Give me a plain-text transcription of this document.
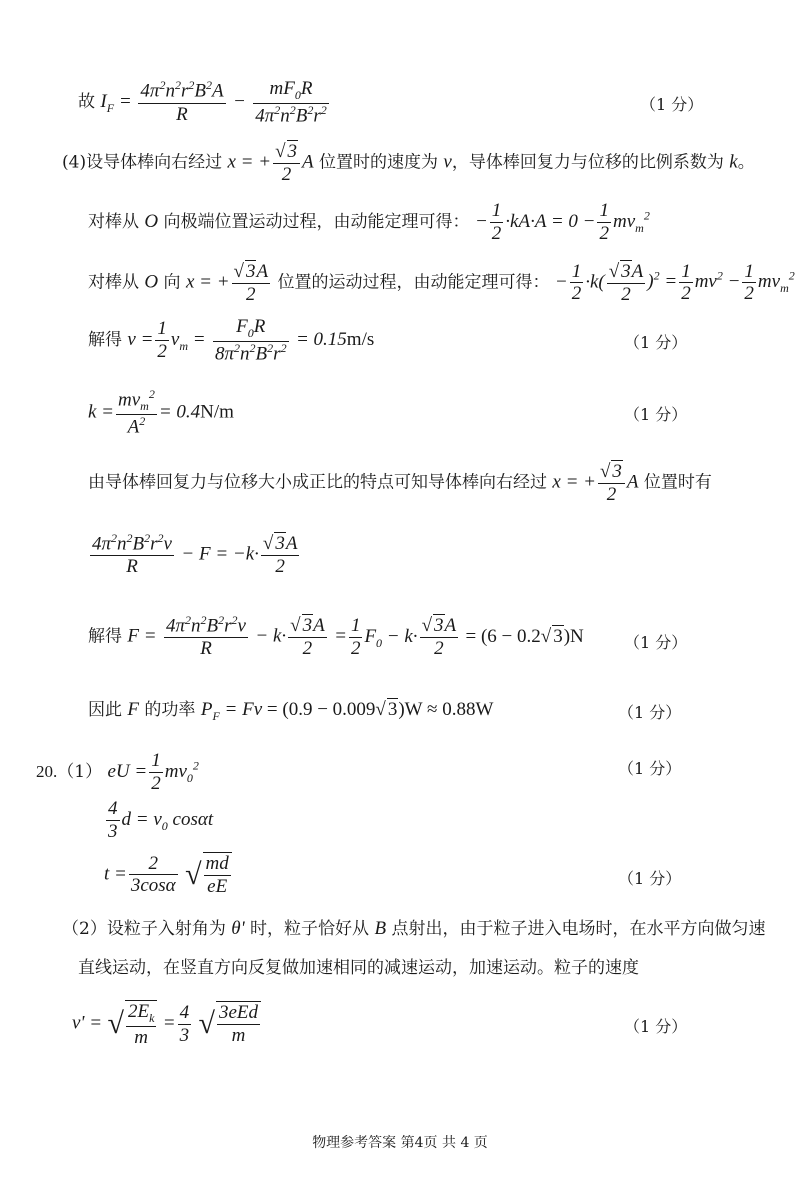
故 $I_F = \frac{4\pi^2n^2r^2B^2A}{R} - \frac{mF_0R}{4\pi^2n^2B^2r^2}$	（1 分）
(4)设导体棒向右经过 x = + $\frac{√ 3}{2}$ A 位置时的速度为 v，导体棒回复力与位移的比例系数为 k。
对棒从 O 向极端位置运动过程，由动能定理可得： − $\frac{1}{2} \cdot kA\cdot A = 0 - \frac{1}{2} mv_m^2$
对棒从 O 向 x = + $\frac{√ 3A}{2}$ 位置的运动过程，由动能定理可得： − $\frac{1}{2} \cdot k( \frac{√ 3A}{2} )^2 = \frac{1}{2} mv^2 - \frac{1}{2} mv_m^2$
解得 $v = \frac{1}{2} v_m = \frac{F_0R}{8\pi^2n^2B^2r^2} = 0.15m/s$	（1 分）
$k = \frac{mv_m^2}{A^2} = 0.4N/m$	（1 分）
由导体棒回复力与位移大小成正比的特点可知导体棒向右经过 x = + $\frac{√ 3}{2}$ A 位置时有
$\frac{4\pi^2n^2B^2r^2v}{R} - F = -k\cdot \frac{√ 3A}{2}$
解得 $F = \frac{4\pi^2n^2B^2r^2v}{R} - k\cdot \frac{√ 3A}{2} = \frac{1}{2} F_0 - k\cdot \frac{√ 3A}{2} = (6 - 0.2√$ 3)N	（1 分）
因此 F 的功率 $P_F = Fv = (0.9 - 0.009√$ 3)W ≈ 0.88W	（1 分）
20.（1） eU = $\frac{1}{2} mv_0^2$	（1 分）
$\frac{4}{3}$ $d = v_0$ cosαt
$t = \frac{2}{3\cos\alpha}$ √ $\frac{md}{eE}$	（1 分）
（2）设粒子入射角为 θ' 时，粒子恰好从 B 点射出，由于粒子进入电场时，在水平方向做匀速
直线运动，在竖直方向反复做加速相同的减速运动，加速运动。粒子的速度
v' = √ $\frac{2E_k}{m} = \frac{4}{3}$ √ $\frac{\text{3eEd}}{m}$	（1 分）
物理参考答案 第4页 共 4 页
